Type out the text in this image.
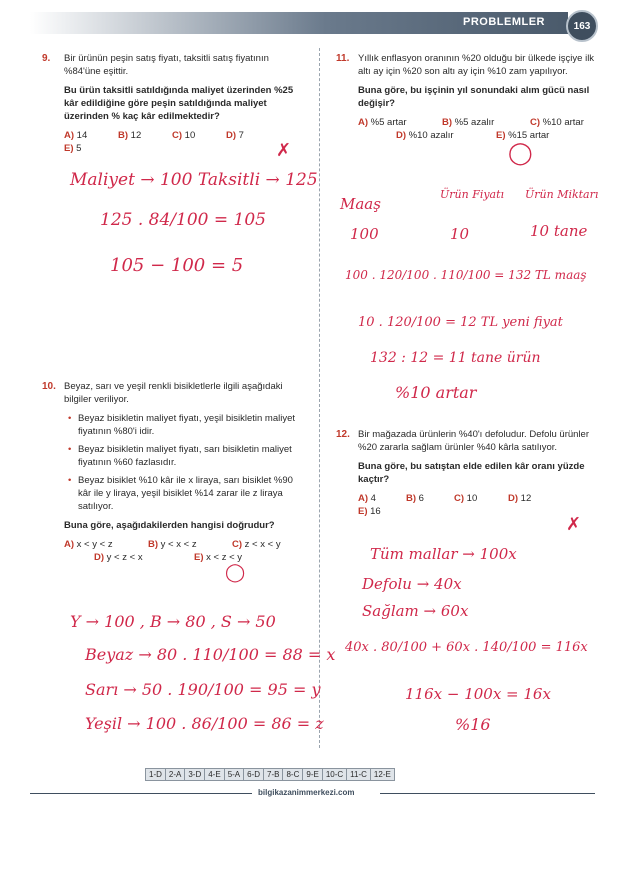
PROBLEMLER	163
9. Bir ürünün peşin satış fiyatı, taksitli satış fiyatının %84'üne eşittir.

Bu ürün taksitli satıldığında maliyet üzerinden %25 kâr edildiğine göre peşin satıldığında maliyet üzerinden % kaç kâr edilmektedir?

A) 14	B) 12	C) 10	D) 7
E) 5	✗
Maliyet → 100 Taksitli → 125
125 . 84/100 = 105
105 − 100 = 5
10. Beyaz, sarı ve yeşil renkli bisikletlerle ilgili aşağıdaki bilgiler veriliyor.

• Beyaz bisikletin maliyet fiyatı, yeşil bisikletin maliyet fiyatının %80'i idir.
• Beyaz bisikletin maliyet fiyatı, sarı bisikletin maliyet fiyatının %60 fazlasıdır.
• Beyaz bisiklet %10 kâr ile x liraya, sarı bisiklet %90 kâr ile y liraya, yeşil bisiklet %14 zarar ile z liraya satılıyor.

Buna göre, aşağıdakilerden hangisi doğrudur?

A) x < y < z	B) y < x < z	C) z < x < y
D) y < z < x	E) x < z < y
◯
Y → 100 , B → 80 , S → 50
Beyaz → 80 . 110/100 = 88 = x
Sarı → 50 . 190/100 = 95 = y
Yeşil → 100 . 86/100 = 86 = z
11. Yıllık enflasyon oranının %20 olduğu bir ülkede işçiye ilk altı ay için %20 son altı ay için %10 zam yapılıyor.

Buna göre, bu işçinin yıl sonundaki alım gücü nasıl değişir?

A) %5 artar	B) %5 azalır	C) %10 artar
D) %10 azalır	E) %15 artar
◯
Maaş
Ürün Fiyatı Ürün Miktarı
100	10	10 tane
100 . 120/100 . 110/100 = 132 TL maaş
10 . 120/100 = 12 TL yeni fiyat
132 : 12 = 11 tane ürün
%10 artar
12. Bir mağazada ürünlerin %40'ı defoludur. Defolu ürünler %20 zararla sağlam ürünler %40 kârla satılıyor.

Buna göre, bu satıştan elde edilen kâr oranı yüzde kaçtır?

A) 4	B) 6	C) 10	D) 12
E) 16
✗
Tüm mallar → 100x
Defolu → 40x
Sağlam → 60x
40x . 80/100 + 60x . 140/100 = 116x
116x − 100x = 16x
%16
1-D 2-A 3-D 4-E 5-A 6-D 7-B 8-C 9-E 10-C 11-C 12-E
bilgikazanimmerkezi.com
